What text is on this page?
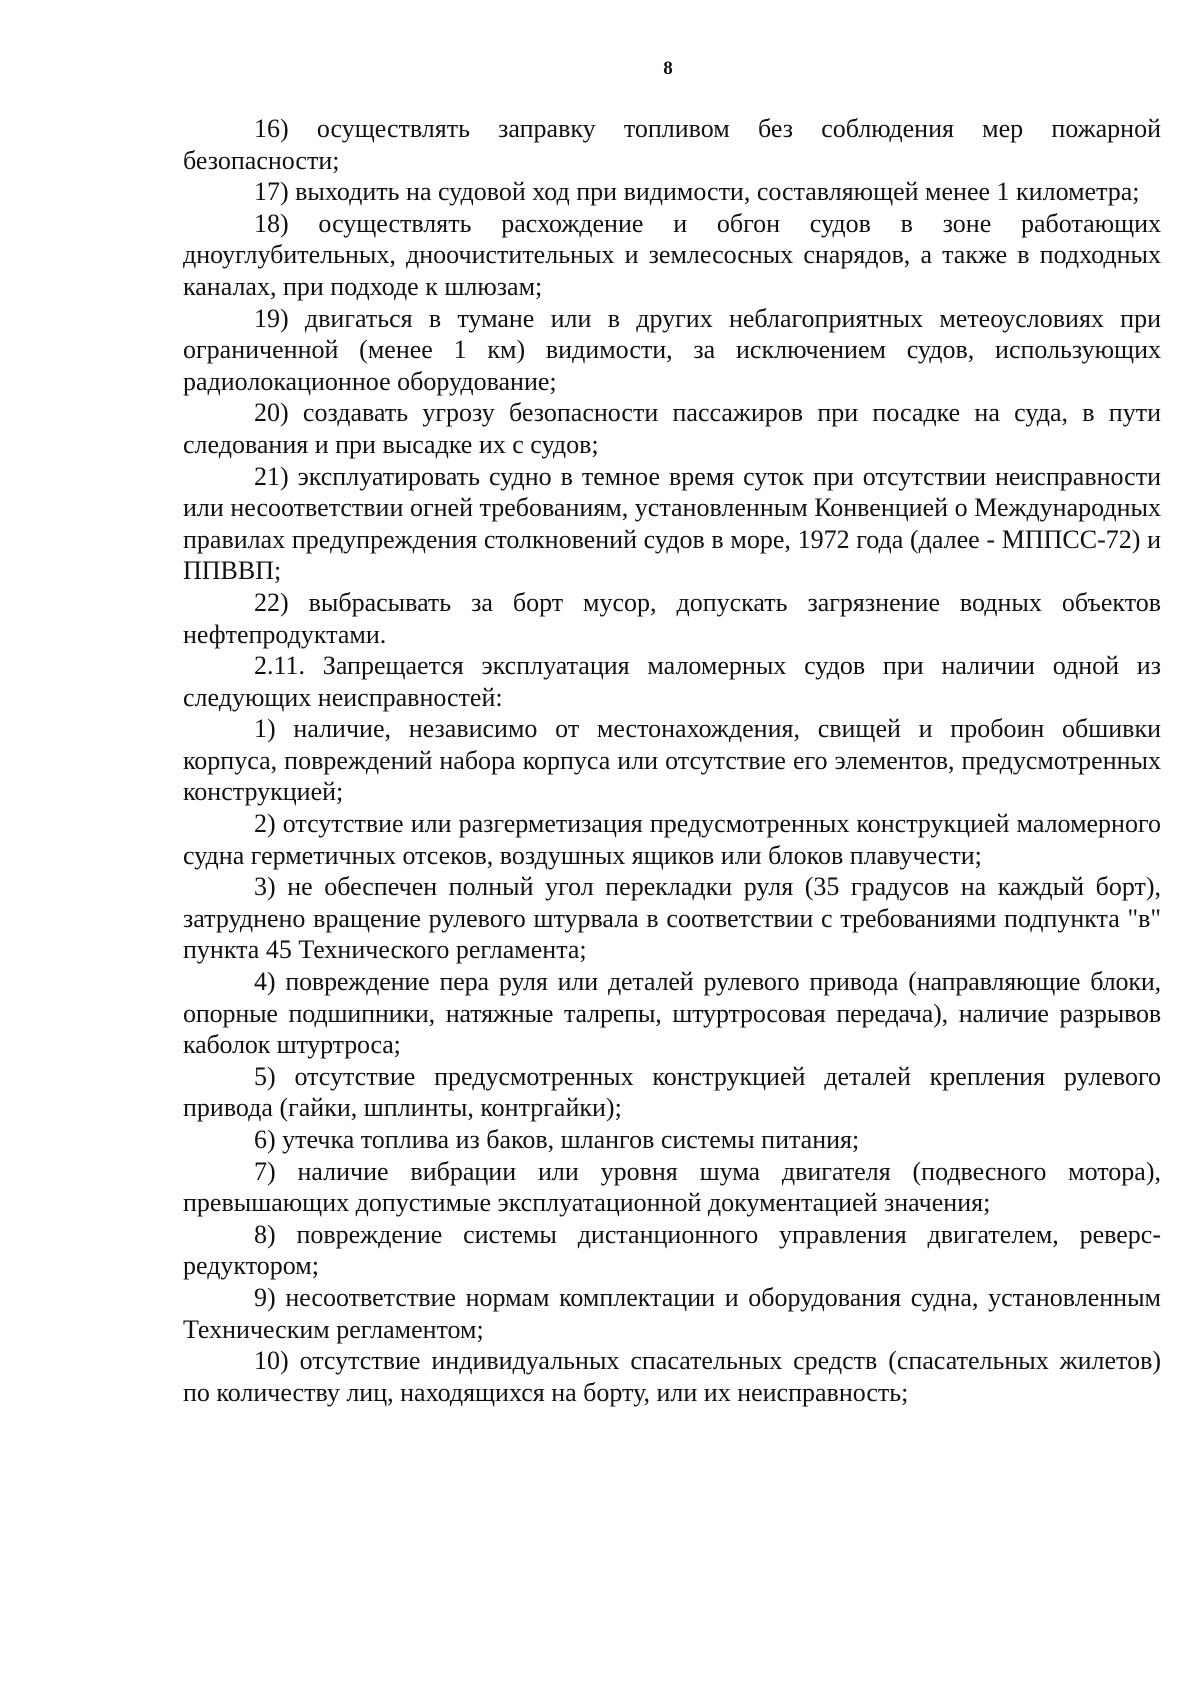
8

16) осуществлять заправку топливом без соблюдения мер пожарной безопасности;

17) выходить на судовой ход при видимости, составляющей менее 1 километра;

18) осуществлять расхождение и обгон судов в зоне работающих дноуглубительных, дноочистительных и землесосных снарядов, а также в подходных каналах, при подходе к шлюзам;

19) двигаться в тумане или в других неблагоприятных метеоусловиях при ограниченной (менее 1 км) видимости, за исключением судов, использующих радиолокационное оборудование;

20) создавать угрозу безопасности пассажиров при посадке на суда, в пути следования и при высадке их с судов;

21) эксплуатировать судно в темное время суток при отсутствии неисправности или несоответствии огней требованиям, установленным Конвенцией о Международных правилах предупреждения столкновений судов в море, 1972 года (далее - МППСС-72) и ППВВП;

22) выбрасывать за борт мусор, допускать загрязнение водных объектов нефтепродуктами.

2.11. Запрещается эксплуатация маломерных судов при наличии одной из следующих неисправностей:

1) наличие, независимо от местонахождения, свищей и пробоин обшивки корпуса, повреждений набора корпуса или отсутствие его элементов, предусмотренных конструкцией;

2) отсутствие или разгерметизация предусмотренных конструкцией маломерного судна герметичных отсеков, воздушных ящиков или блоков плавучести;

3) не обеспечен полный угол перекладки руля (35 градусов на каждый борт), затруднено вращение рулевого штурвала в соответствии с требованиями подпункта "в" пункта 45 Технического регламента;

4) повреждение пера руля или деталей рулевого привода (направляющие блоки, опорные подшипники, натяжные талрепы, штуртросовая передача), наличие разрывов каболок штуртроса;

5) отсутствие предусмотренных конструкцией деталей крепления рулевого привода (гайки, шплинты, контргайки);

6) утечка топлива из баков, шлангов системы питания;

7) наличие вибрации или уровня шума двигателя (подвесного мотора), превышающих допустимые эксплуатационной документацией значения;

8) повреждение системы дистанционного управления двигателем, реверс-редуктором;

9) несоответствие нормам комплектации и оборудования судна, установленным Техническим регламентом;

10) отсутствие индивидуальных спасательных средств (спасательных жилетов) по количеству лиц, находящихся на борту, или их неисправность;
